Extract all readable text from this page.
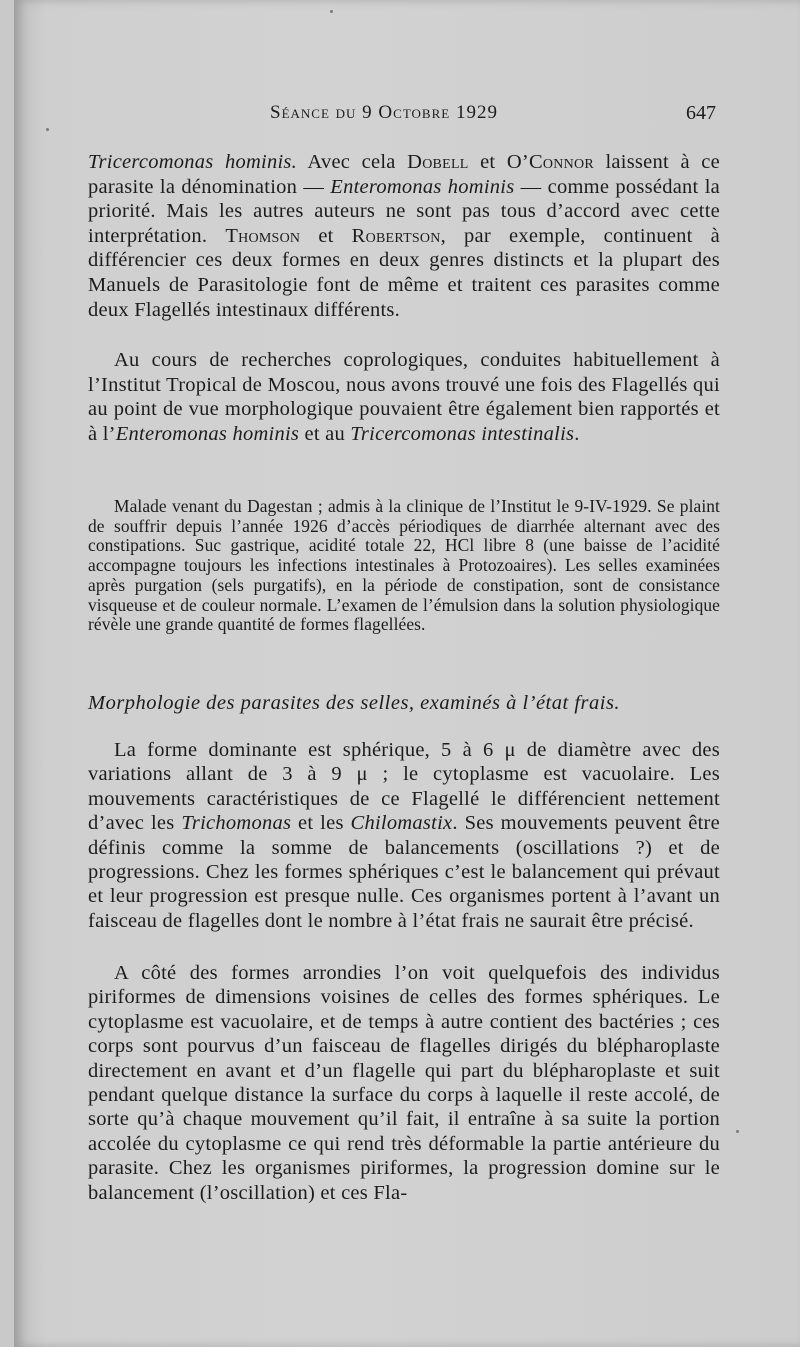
Séance du 9 Octobre 1929	647

Tricercomonas hominis. Avec cela Dobell et O’Connor laissent à ce parasite la dénomination — Enteromonas hominis — comme possédant la priorité. Mais les autres auteurs ne sont pas tous d’accord avec cette interprétation. Thomson et Robertson, par exemple, continuent à différencier ces deux formes en deux genres distincts et la plupart des Manuels de Parasitologie font de même et traitent ces parasites comme deux Flagellés intestinaux différents.

Au cours de recherches coprologiques, conduites habituellement à l’Institut Tropical de Moscou, nous avons trouvé une fois des Flagellés qui au point de vue morphologique pouvaient être également bien rapportés et à l’Enteromonas hominis et au Tricercomonas intestinalis.

Malade venant du Dagestan ; admis à la clinique de l’Institut le 9-IV-1929. Se plaint de souffrir depuis l’année 1926 d’accès périodiques de diarrhée alternant avec des constipations. Suc gastrique, acidité totale 22, HCl libre 8 (une baisse de l’acidité accompagne toujours les infections intestinales à Protozoaires). Les selles examinées après purgation (sels purgatifs), en la période de constipation, sont de consistance visqueuse et de couleur normale. L’examen de l’émulsion dans la solution physiologique révèle une grande quantité de formes flagellées.

Morphologie des parasites des selles, examinés à l’état frais.

La forme dominante est sphérique, 5 à 6 μ de diamètre avec des variations allant de 3 à 9 μ ; le cytoplasme est vacuolaire. Les mouvements caractéristiques de ce Flagellé le différencient nettement d’avec les Trichomonas et les Chilomastix. Ses mouvements peuvent être définis comme la somme de balancements (oscillations ?) et de progressions. Chez les formes sphériques c’est le balancement qui prévaut et leur progression est presque nulle. Ces organismes portent à l’avant un faisceau de flagelles dont le nombre à l’état frais ne saurait être précisé.

A côté des formes arrondies l’on voit quelquefois des individus piriformes de dimensions voisines de celles des formes sphériques. Le cytoplasme est vacuolaire, et de temps à autre contient des bactéries ; ces corps sont pourvus d’un faisceau de flagelles dirigés du blépharoplaste directement en avant et d’un flagelle qui part du blépharoplaste et suit pendant quelque distance la surface du corps à laquelle il reste accolé, de sorte qu’à chaque mouvement qu’il fait, il entraîne à sa suite la portion accolée du cytoplasme ce qui rend très déformable la partie antérieure du parasite. Chez les organismes piriformes, la progression domine sur le balancement (l’oscillation) et ces Fla-
